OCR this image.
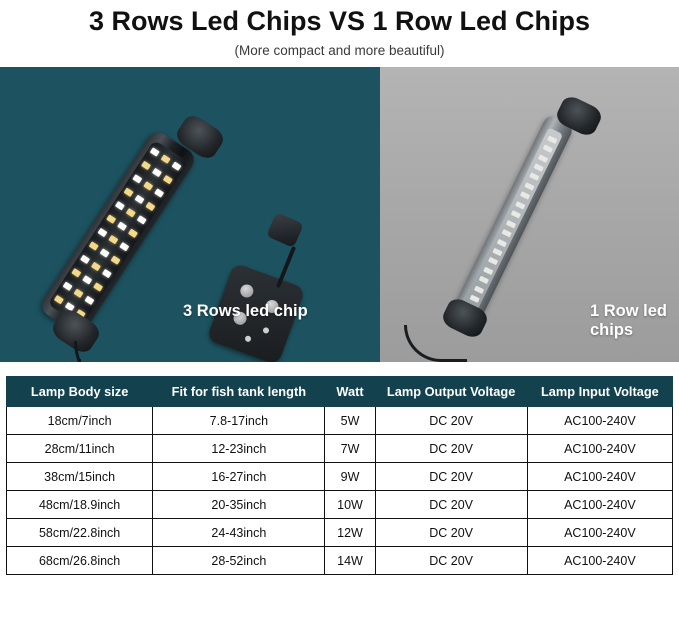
3 Rows Led Chips VS 1 Row Led Chips
(More compact and more beautiful)
3 Rows led chip	1 Row led chips
Lamp Body size	Fit for fish tank length	Watt	Lamp Output Voltage	Lamp Input Voltage
18cm/7inch	7.8-17inch	5W	DC 20V	AC100-240V
28cm/11inch	12-23inch	7W	DC 20V	AC100-240V
38cm/15inch	16-27inch	9W	DC 20V	AC100-240V
48cm/18.9inch	20-35inch	10W	DC 20V	AC100-240V
58cm/22.8inch	24-43inch	12W	DC 20V	AC100-240V
68cm/26.8inch	28-52inch	14W	DC 20V	AC100-240V
